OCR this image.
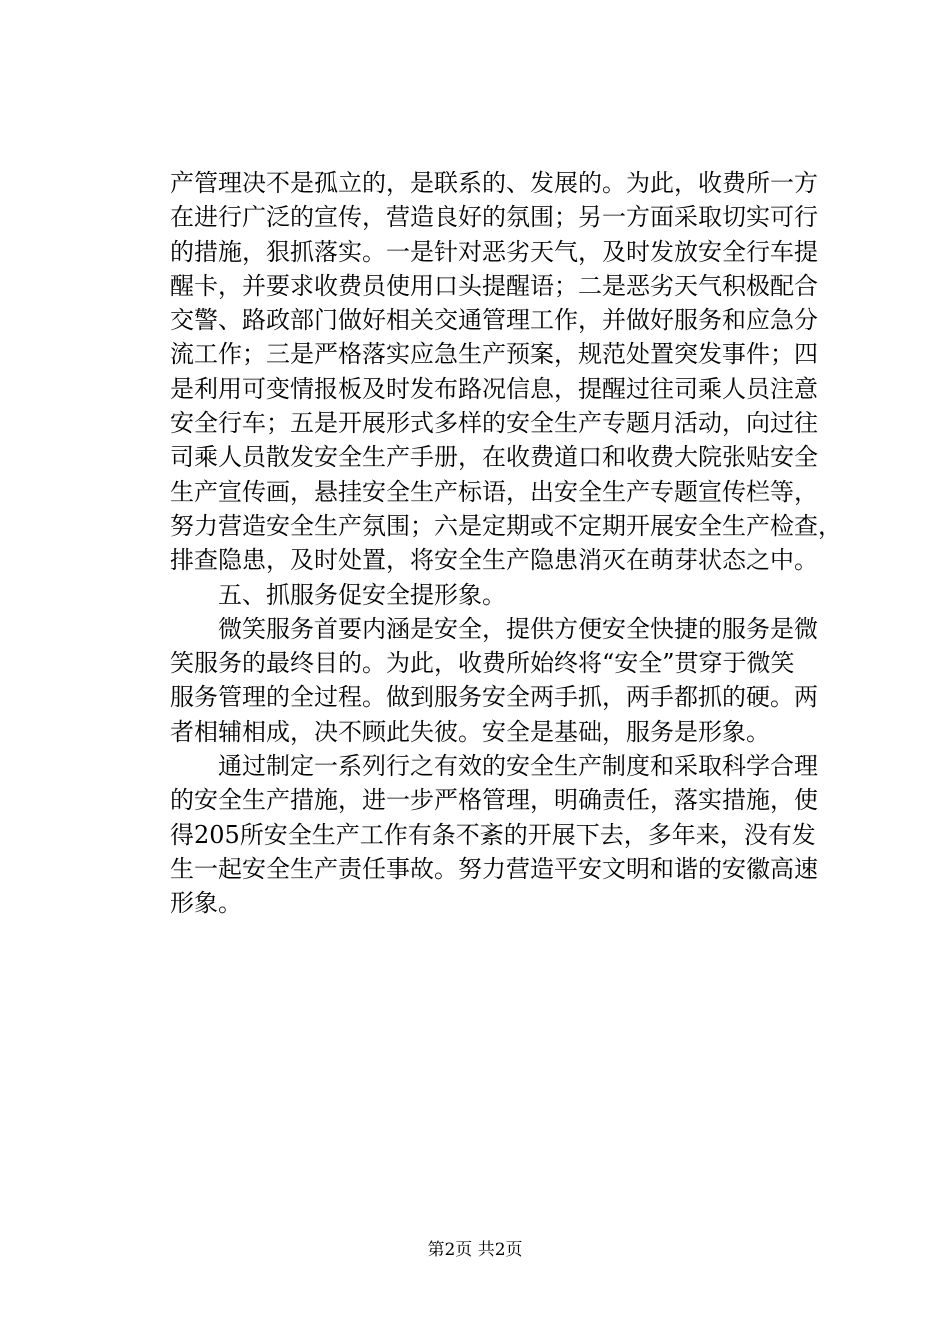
产管理决不是孤立的，是联系的、发展的。为此，收费所一方
在进行广泛的宣传，营造良好的氛围；另一方面采取切实可行
的措施，狠抓落实。一是针对恶劣天气，及时发放安全行车提
醒卡，并要求收费员使用口头提醒语；二是恶劣天气积极配合
交警、路政部门做好相关交通管理工作，并做好服务和应急分
流工作；三是严格落实应急生产预案，规范处置突发事件；四
是利用可变情报板及时发布路况信息，提醒过往司乘人员注意
安全行车；五是开展形式多样的安全生产专题月活动，向过往
司乘人员散发安全生产手册，在收费道口和收费大院张贴安全
生产宣传画，悬挂安全生产标语，出安全生产专题宣传栏等，
努力营造安全生产氛围；六是定期或不定期开展安全生产检查，
排查隐患，及时处置，将安全生产隐患消灭在萌芽状态之中。
五、抓服务促安全提形象。
微笑服务首要内涵是安全，提供方便安全快捷的服务是微
笑服务的最终目的。为此，收费所始终将“安全”贯穿于微笑
服务管理的全过程。做到服务安全两手抓，两手都抓的硬。两
者相辅相成，决不顾此失彼。安全是基础，服务是形象。
通过制定一系列行之有效的安全生产制度和采取科学合理
的安全生产措施，进一步严格管理，明确责任，落实措施，使
得205所安全生产工作有条不紊的开展下去，多年来，没有发
生一起安全生产责任事故。努力营造平安文明和谐的安徽高速
形象。
第2页 共2页
